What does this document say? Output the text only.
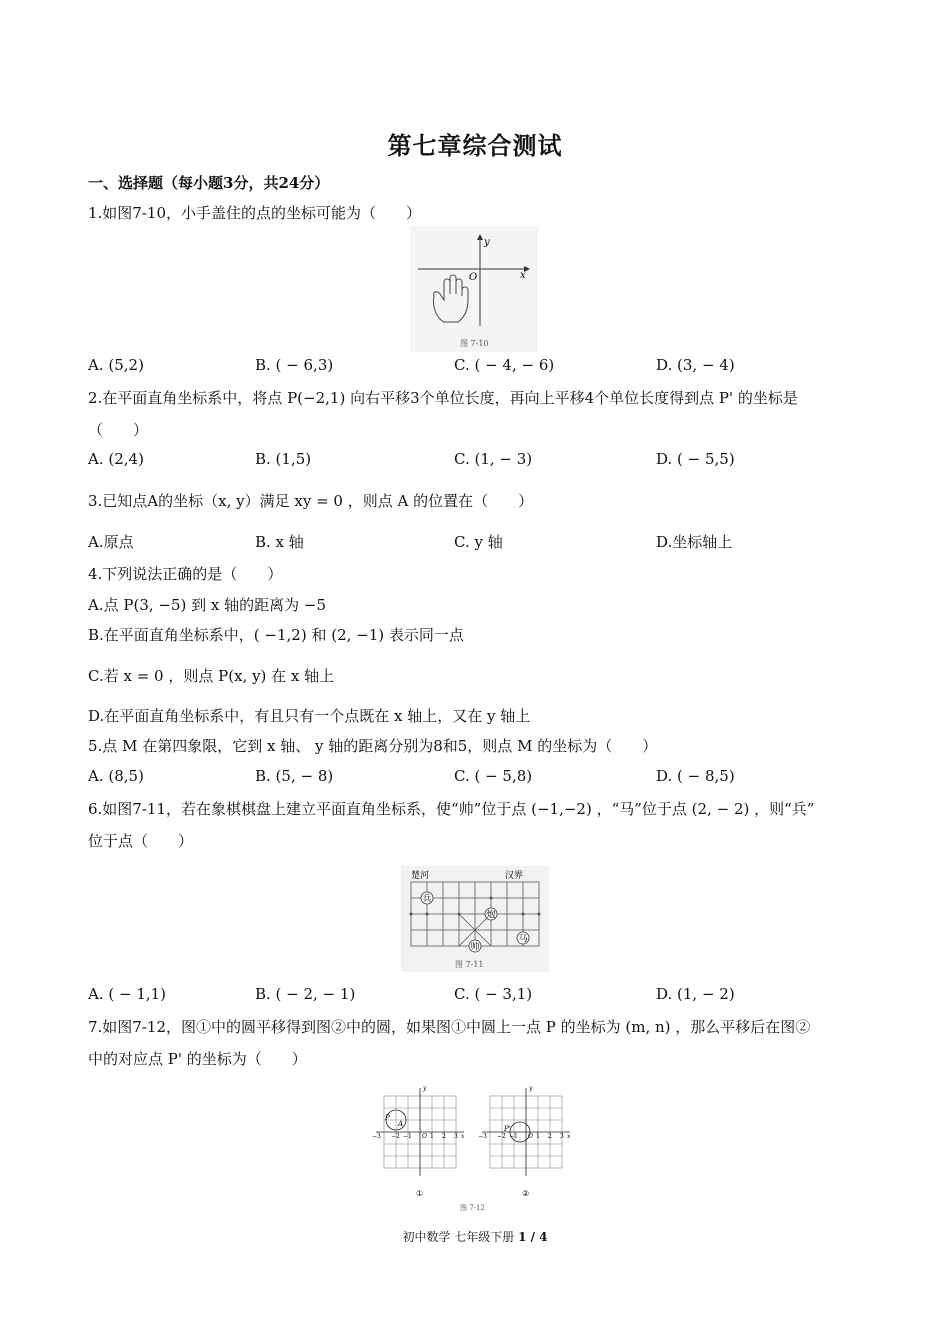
第七章综合测试
一、选择题（每小题3分，共24分）
1.如图7-10，小手盖住的点的坐标可能为（　　）
x
y
O
图 7-10
A. (5,2)	B. ( − 6,3)	C. ( − 4, − 6)	D. (3, − 4)
2.在平面直角坐标系中，将点 P(−2,1) 向右平移3个单位长度，再向上平移4个单位长度得到点 P' 的坐标是
（　　）
A. (2,4)	B. (1,5)	C. (1, − 3)	D. ( − 5,5)
3.已知点A的坐标（x, y）满足 xy = 0 ，则点 A 的位置在（　　）
A.原点	B. x 轴	C. y 轴	D.坐标轴上
4.下列说法正确的是（　　）
A.点 P(3, −5) 到 x 轴的距离为 −5
B.在平面直角坐标系中，( −1,2) 和 (2, −1) 表示同一点
C.若 x = 0 ，则点 P(x, y) 在 x 轴上
D.在平面直角坐标系中，有且只有一个点既在 x 轴上，又在 y 轴上
5.点 M 在第四象限，它到 x 轴、 y 轴的距离分别为8和5，则点 M 的坐标为（　　）
A. (8,5)	B. (5, − 8)	C. ( − 5,8)	D. ( − 8,5)
6.如图7-11，若在象棋棋盘上建立平面直角坐标系，使“帅”位于点 (−1,−2) ，“马”位于点 (2, − 2) ，则“兵”
位于点（　　）
楚河	汉界
兵
炮
帅
马
图 7-11
A. ( − 1,1)	B. ( − 2, − 1)	C. ( − 3,1)	D. (1, − 2)
7.如图7-12，图①中的圆平移得到图②中的圆，如果图①中圆上一点 P 的坐标为 (m, n) ，那么平移后在图②
中的对应点 P' 的坐标为（　　）
P
A
−3 −2 −1	1 2 3 x
y
O
①
P'
−3 −2 −1	1 2 3 x
y
O
②
图 7-12
初中数学 七年级下册 1 / 4
